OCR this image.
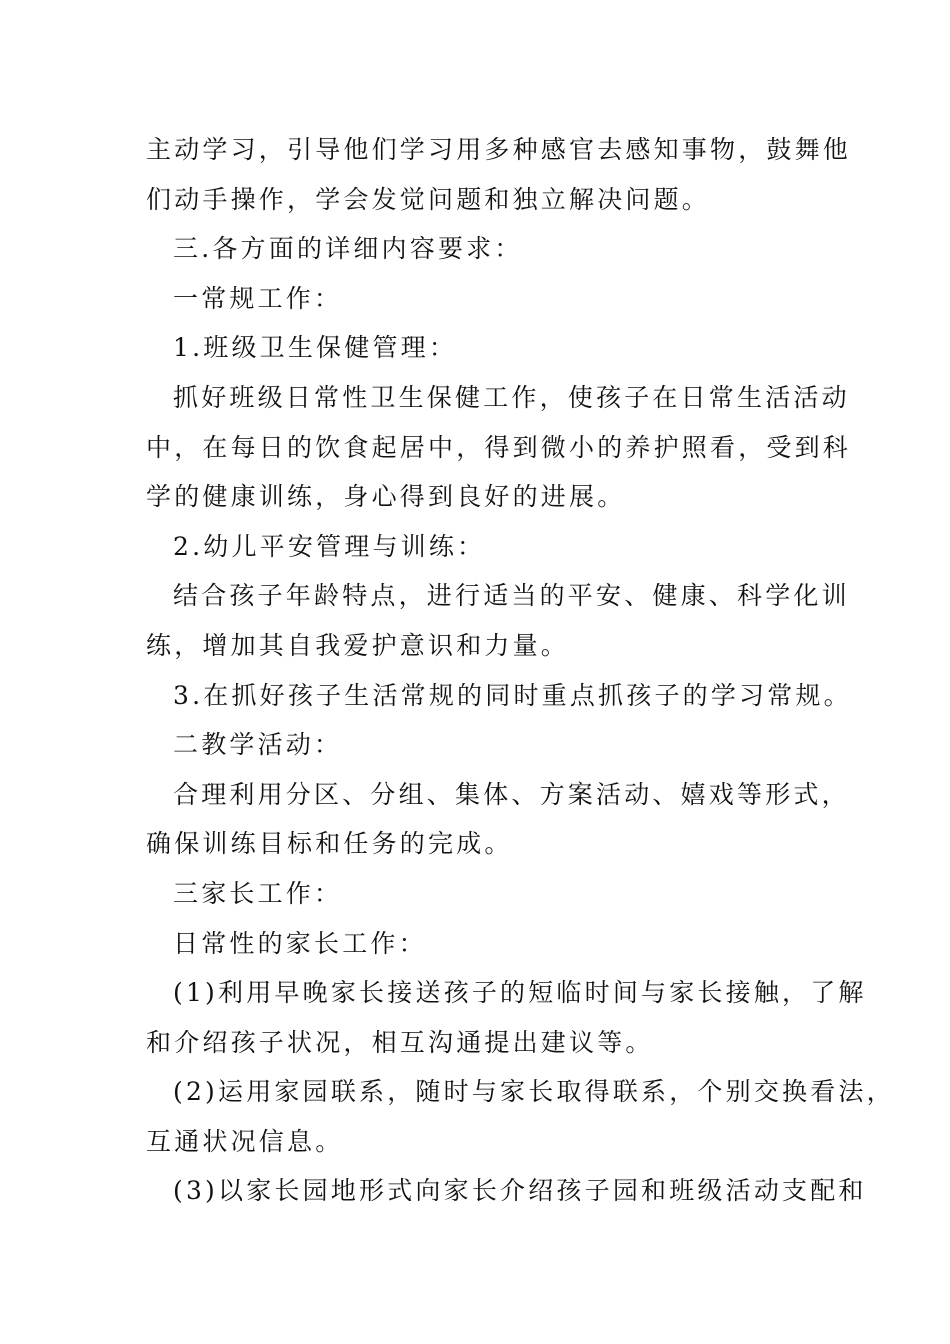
主动学习，引导他们学习用多种感官去感知事物，鼓舞他
们动手操作，学会发觉问题和独立解决问题。
三.各方面的详细内容要求：
一常规工作：
1.班级卫生保健管理：
抓好班级日常性卫生保健工作，使孩子在日常生活活动
中，在每日的饮食起居中，得到微小的养护照看，受到科
学的健康训练，身心得到良好的进展。
2.幼儿平安管理与训练：
结合孩子年龄特点，进行适当的平安、健康、科学化训
练，增加其自我爱护意识和力量。
3.在抓好孩子生活常规的同时重点抓孩子的学习常规。
二教学活动：
合理利用分区、分组、集体、方案活动、嬉戏等形式，
确保训练目标和任务的完成。
三家长工作：
日常性的家长工作：
(1)利用早晚家长接送孩子的短临时间与家长接触，了解
和介绍孩子状况，相互沟通提出建议等。
(2)运用家园联系，随时与家长取得联系，个别交换看法，
互通状况信息。
(3)以家长园地形式向家长介绍孩子园和班级活动支配和
